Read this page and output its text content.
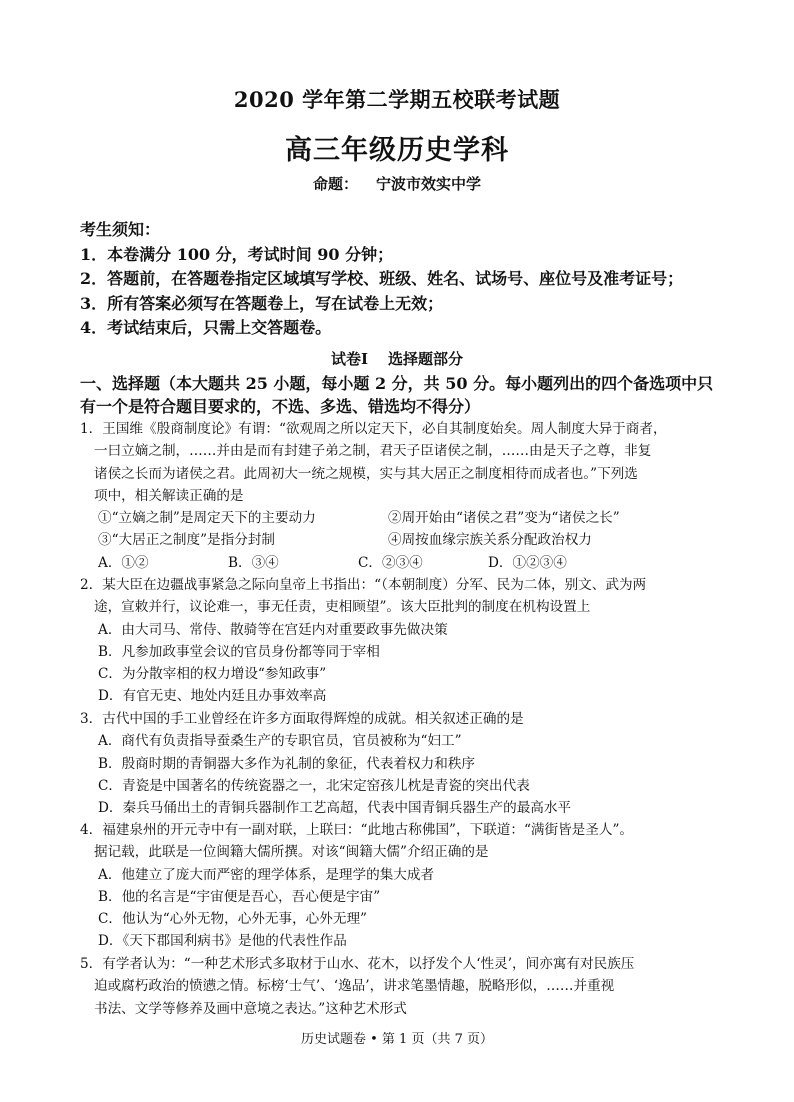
2020 学年第二学期五校联考试题
高三年级历史学科
命题： 宁波市效实中学
考生须知：
1．本卷满分 100 分，考试时间 90 分钟；
2．答题前，在答题卷指定区域填写学校、班级、姓名、试场号、座位号及准考证号；
3．所有答案必须写在答题卷上，写在试卷上无效；
4．考试结束后，只需上交答题卷。
试卷Ⅰ 选择题部分
一、选择题（本大题共 25 小题，每小题 2 分，共 50 分。每小题列出的四个备选项中只有一个是符合题目要求的，不选、多选、错选均不得分）
1．王国维《殷商制度论》有谓：“欲观周之所以定天下，必自其制度始矣。周人制度大异于商者，
一曰立嫡之制，……并由是而有封建子弟之制，君天子臣诸侯之制，……由是天子之尊，非复
诸侯之长而为诸侯之君。此周初大一统之规模，实与其大居正之制度相待而成者也。”下列选
项中，相关解读正确的是
①“立嫡之制”是周定天下的主要动力	②周开始由“诸侯之君”变为“诸侯之长”
③“大居正之制度”是指分封制	④周按血缘宗族关系分配政治权力
A．①②	B．③④	C．②③④	D．①②③④
2．某大臣在边疆战事紧急之际向皇帝上书指出：“（本朝制度）分军、民为二体，别文、武为两
途，宣敕并行，议论难一，事无任责，吏相顾望”。该大臣批判的制度在机构设置上
A．由大司马、常侍、散骑等在宫廷内对重要政事先做决策
B．凡参加政事堂会议的官员身份都等同于宰相
C．为分散宰相的权力增设“参知政事”
D．有官无吏、地处内廷且办事效率高
3．古代中国的手工业曾经在许多方面取得辉煌的成就。相关叙述正确的是
A．商代有负责指导蚕桑生产的专职官员，官员被称为“妇工”
B．殷商时期的青铜器大多作为礼制的象征，代表着权力和秩序
C．青瓷是中国著名的传统瓷器之一，北宋定窑孩儿枕是青瓷的突出代表
D．秦兵马俑出土的青铜兵器制作工艺高超，代表中国青铜兵器生产的最高水平
4．福建泉州的开元寺中有一副对联，上联曰：“此地古称佛国”，下联道：“满街皆是圣人”。
据记载，此联是一位闽籍大儒所撰。对该“闽籍大儒”介绍正确的是
A．他建立了庞大而严密的理学体系，是理学的集大成者
B．他的名言是“宇宙便是吾心，吾心便是宇宙”
C．他认为“心外无物，心外无事，心外无理”
D．《天下郡国利病书》是他的代表性作品
5．有学者认为：“一种艺术形式多取材于山水、花木，以抒发个人‘性灵’，间亦寓有对民族压
迫或腐朽政治的愤懑之情。标榜‘士气’、‘逸品’，讲求笔墨情趣，脱略形似，……并重视
书法、文学等修养及画中意境之表达。”这种艺术形式
历史试题卷 • 第 1 页（共 7 页）
